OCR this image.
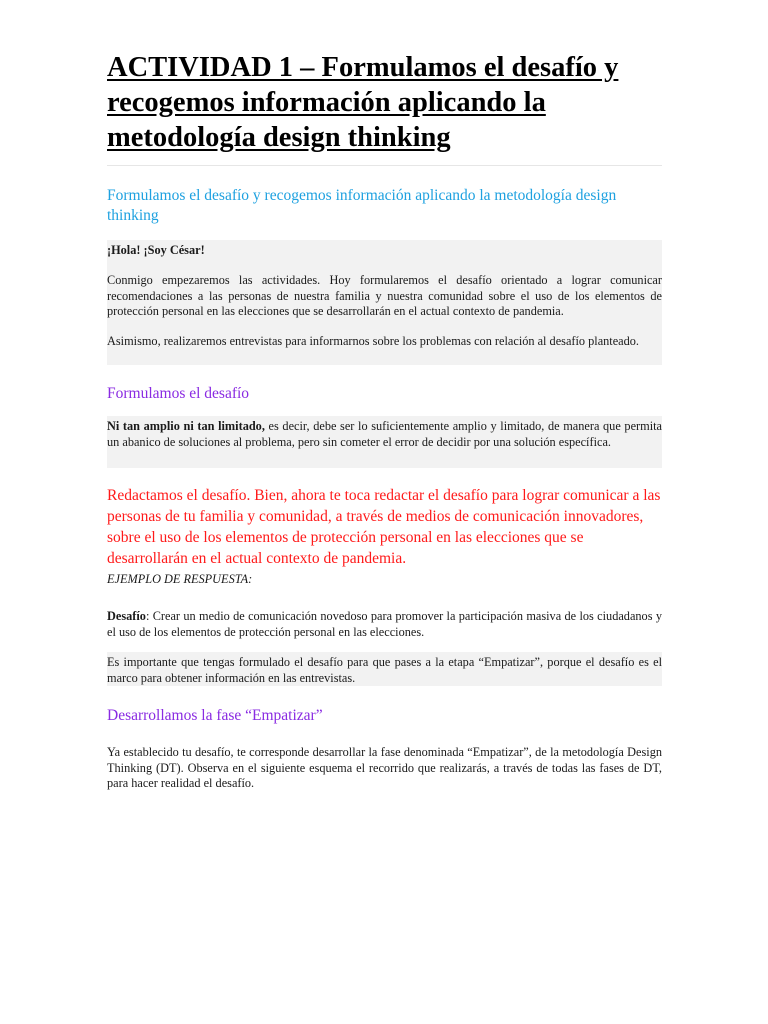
ACTIVIDAD 1 – Formulamos el desafío y recogemos información aplicando la metodología design thinking

Formulamos el desafío y recogemos información aplicando la metodología design thinking

¡Hola! ¡Soy César!

Conmigo empezaremos las actividades. Hoy formularemos el desafío orientado a lograr comunicar recomendaciones a las personas de nuestra familia y nuestra comunidad sobre el uso de los elementos de protección personal en las elecciones que se desarrollarán en el actual contexto de pandemia.

Asimismo, realizaremos entrevistas para informarnos sobre los problemas con relación al desafío planteado.

Formulamos el desafío

Ni tan amplio ni tan limitado, es decir, debe ser lo suficientemente amplio y limitado, de manera que permita un abanico de soluciones al problema, pero sin cometer el error de decidir por una solución específica.

Redactamos el desafío. Bien, ahora te toca redactar el desafío para lograr comunicar a las personas de tu familia y comunidad, a través de medios de comunicación innovadores, sobre el uso de los elementos de protección personal en las elecciones que se desarrollarán en el actual contexto de pandemia.

EJEMPLO DE RESPUESTA:

Desafío: Crear un medio de comunicación novedoso para promover la participación masiva de los ciudadanos y el uso de los elementos de protección personal en las elecciones.

Es importante que tengas formulado el desafío para que pases a la etapa “Empatizar”, porque el desafío es el marco para obtener información en las entrevistas.

Desarrollamos la fase “Empatizar”

Ya establecido tu desafío, te corresponde desarrollar la fase denominada “Empatizar”, de la metodología Design Thinking (DT). Observa en el siguiente esquema el recorrido que realizarás, a través de todas las fases de DT, para hacer realidad el desafío.
